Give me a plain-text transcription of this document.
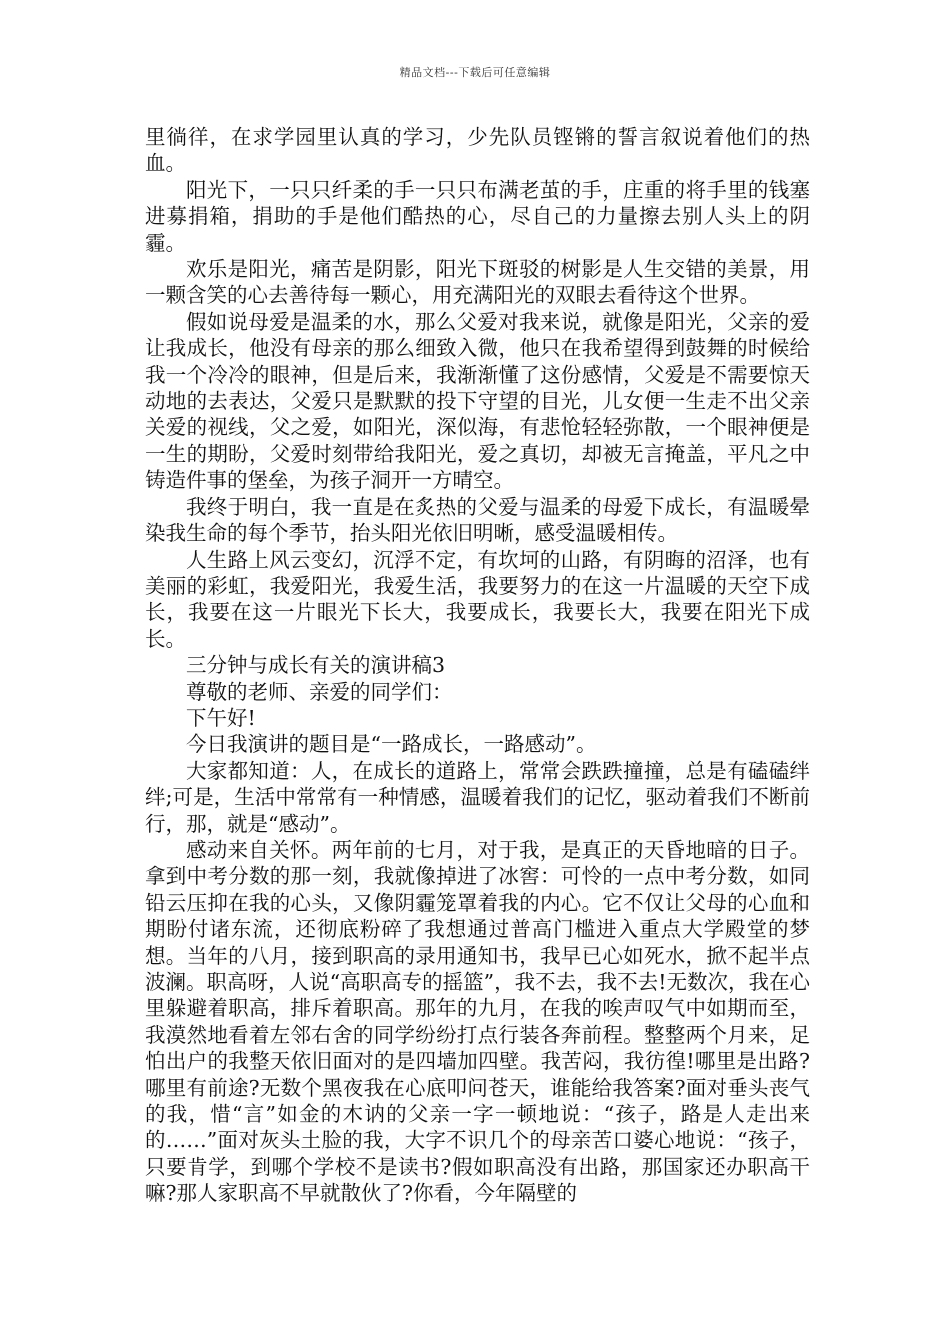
精品文档---下载后可任意编辑

里徜徉，在求学园里认真的学习，少先队员铿锵的誓言叙说着他们的热血。

阳光下，一只只纤柔的手一只只布满老茧的手，庄重的将手里的钱塞进募捐箱，捐助的手是他们酷热的心，尽自己的力量擦去别人头上的阴霾。

欢乐是阳光，痛苦是阴影，阳光下斑驳的树影是人生交错的美景，用一颗含笑的心去善待每一颗心，用充满阳光的双眼去看待这个世界。

假如说母爱是温柔的水，那么父爱对我来说，就像是阳光，父亲的爱让我成长，他没有母亲的那么细致入微，他只在我希望得到鼓舞的时候给我一个冷冷的眼神，但是后来，我渐渐懂了这份感情，父爱是不需要惊天动地的去表达，父爱只是默默的投下守望的目光，儿女便一生走不出父亲关爱的视线，父之爱，如阳光，深似海，有悲怆轻轻弥散，一个眼神便是一生的期盼，父爱时刻带给我阳光，爱之真切，却被无言掩盖，平凡之中铸造件事的堡垒，为孩子洞开一方晴空。

我终于明白，我一直是在炙热的父爱与温柔的母爱下成长，有温暖晕染我生命的每个季节，抬头阳光依旧明晰，感受温暖相传。

人生路上风云变幻，沉浮不定，有坎坷的山路，有阴晦的沼泽，也有美丽的彩虹，我爱阳光，我爱生活，我要努力的在这一片温暖的天空下成长，我要在这一片眼光下长大，我要成长，我要长大，我要在阳光下成长。

三分钟与成长有关的演讲稿3

尊敬的老师、亲爱的同学们：

下午好!

今日我演讲的题目是“一路成长，一路感动”。

大家都知道：人，在成长的道路上，常常会跌跌撞撞，总是有磕磕绊绊;可是，生活中常常有一种情感，温暖着我们的记忆，驱动着我们不断前行，那，就是“感动”。

感动来自关怀。两年前的七月，对于我，是真正的天昏地暗的日子。拿到中考分数的那一刻，我就像掉进了冰窖：可怜的一点中考分数，如同铅云压抑在我的心头，又像阴霾笼罩着我的内心。它不仅让父母的心血和期盼付诸东流，还彻底粉碎了我想通过普高门槛进入重点大学殿堂的梦想。当年的八月，接到职高的录用通知书，我早已心如死水，掀不起半点波澜。职高呀，人说“高职高专的摇篮”，我不去，我不去!无数次，我在心里躲避着职高，排斥着职高。那年的九月，在我的唉声叹气中如期而至，我漠然地看着左邻右舍的同学纷纷打点行装各奔前程。整整两个月来，足怕出户的我整天依旧面对的是四墙加四壁。我苦闷，我彷徨!哪里是出路?哪里有前途?无数个黑夜我在心底叩问苍天，谁能给我答案?面对垂头丧气的我，惜“言”如金的木讷的父亲一字一顿地说：“孩子，路是人走出来的……”面对灰头土脸的我，大字不识几个的母亲苦口婆心地说：“孩子，只要肯学，到哪个学校不是读书?假如职高没有出路，那国家还办职高干嘛?那人家职高不早就散伙了?你看，今年隔壁的
